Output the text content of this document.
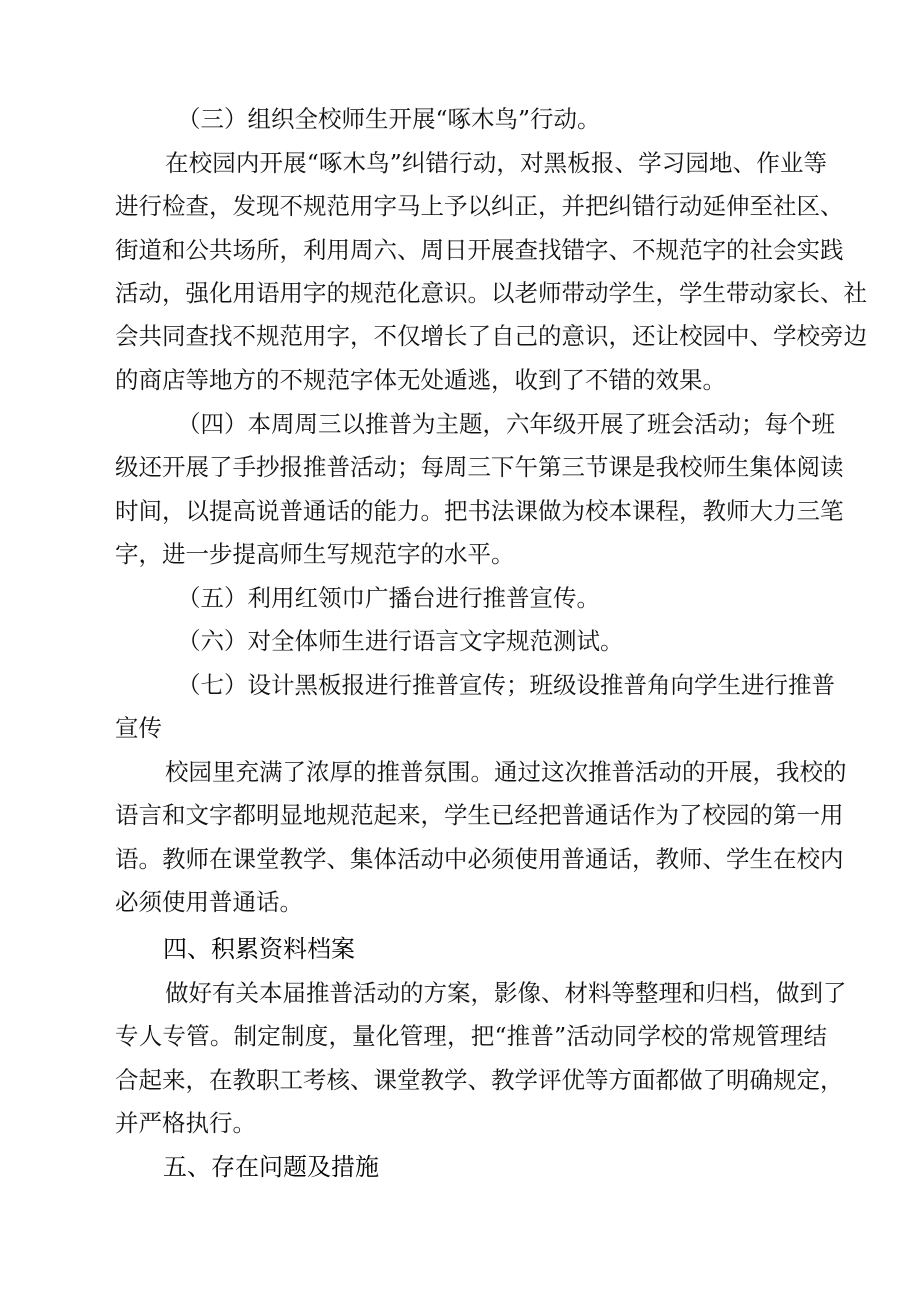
（三）组织全校师生开展“啄木鸟”行动。
在校园内开展“啄木鸟”纠错行动，对黑板报、学习园地、作业等
进行检查，发现不规范用字马上予以纠正，并把纠错行动延伸至社区、
街道和公共场所，利用周六、周日开展查找错字、不规范字的社会实践
活动，强化用语用字的规范化意识。以老师带动学生，学生带动家长、社
会共同查找不规范用字，不仅增长了自己的意识，还让校园中、学校旁边
的商店等地方的不规范字体无处遁逃，收到了不错的效果。
（四）本周周三以推普为主题，六年级开展了班会活动；每个班
级还开展了手抄报推普活动；每周三下午第三节课是我校师生集体阅读
时间，以提高说普通话的能力。把书法课做为校本课程，教师大力三笔
字，进一步提高师生写规范字的水平。
（五）利用红领巾广播台进行推普宣传。
（六）对全体师生进行语言文字规范测试。
（七）设计黑板报进行推普宣传；班级设推普角向学生进行推普
宣传
校园里充满了浓厚的推普氛围。通过这次推普活动的开展，我校的
语言和文字都明显地规范起来，学生已经把普通话作为了校园的第一用
语。教师在课堂教学、集体活动中必须使用普通话，教师、学生在校内
必须使用普通话。
四、积累资料档案
做好有关本届推普活动的方案，影像、材料等整理和归档，做到了
专人专管。制定制度，量化管理，把“推普”活动同学校的常规管理结
合起来，在教职工考核、课堂教学、教学评优等方面都做了明确规定，
并严格执行。
五、存在问题及措施
